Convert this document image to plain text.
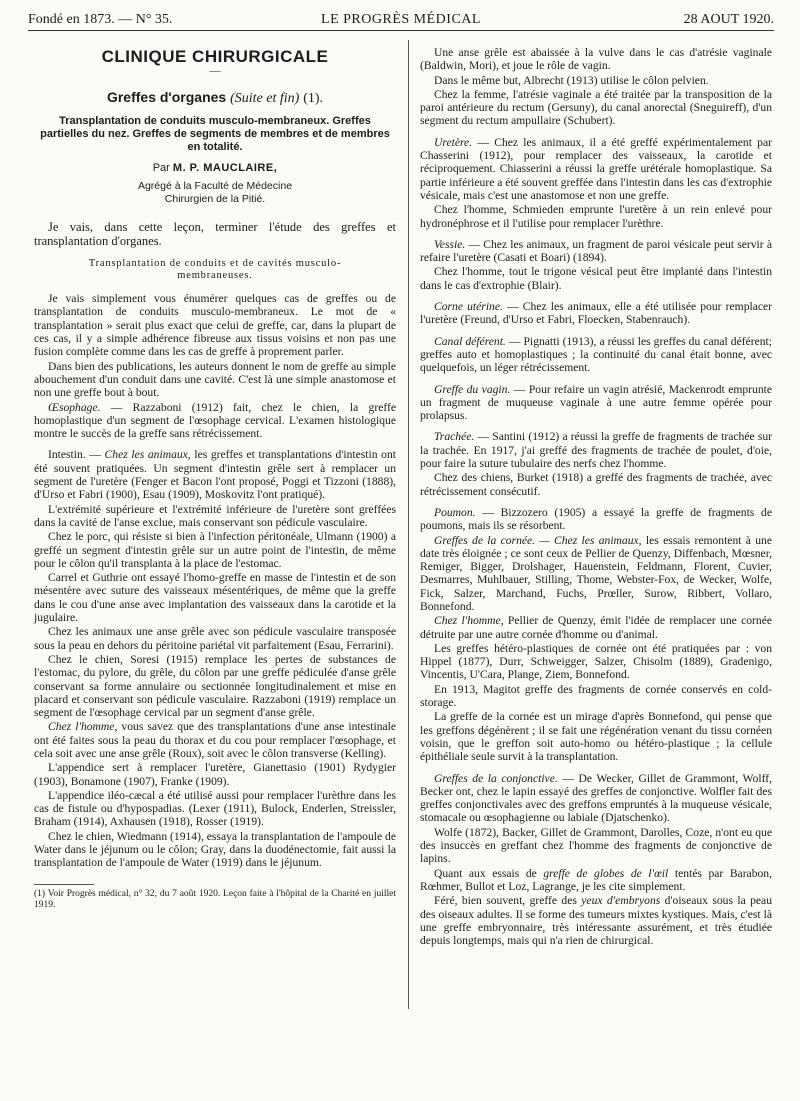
Fondé en 1873. — N° 35.	LE PROGRÈS MÉDICAL	28 AOUT 1920.
CLINIQUE CHIRURGICALE
—
Greffes d'organes (Suite et fin) (1).
Transplantation de conduits musculo-membraneux. Greffes partielles du nez. Greffes de segments de membres et de membres en totalité.
Par M. P. MAUCLAIRE,
Agrégé à la Faculté de Médecine
Chirurgien de la Pitié.

Je vais, dans cette leçon, terminer l'étude des greffes et transplantation d'organes.

Transplantation de conduits et de cavités musculo-
membraneuses.

Je vais simplement vous énumérer quelques cas de greffes ou de transplantation de conduits musculo-membraneux. Le mot de « transplantation » serait plus exact que celui de greffe, car, dans la plupart de ces cas, il y a simple adhérence fibreuse aux tissus voisins et non pas une fusion complète comme dans les cas de greffe à proprement parler.

Dans bien des publications, les auteurs donnent le nom de greffe au simple abouchement d'un conduit dans une cavité. C'est là une simple anastomose et non une greffe bout à bout.

Œsophage. — Razzaboni (1912) fait, chez le chien, la greffe homoplastique d'un segment de l'œsophage cervical. L'examen histologique montre le succès de la greffe sans rétrécissement.

Intestin. — Chez les animaux, les greffes et transplantations d'intestin ont été souvent pratiquées. Un segment d'intestin grêle sert à remplacer un segment de l'uretère (Fenger et Bacon l'ont proposé, Poggi et Tizzoni (1888), d'Urso et Fabri (1900), Esau (1909), Moskovitz l'ont pratiqué).

L'extrémité supérieure et l'extrémité inférieure de l'uretère sont greffées dans la cavité de l'anse exclue, mais conservant son pédicule vasculaire.

Chez le porc, qui résiste si bien à l'infection péritonéale, Ulmann (1900) a greffé un segment d'intestin grêle sur un autre point de l'intestin, de même pour le côlon qu'il transplanta à la place de l'estomac.

Carrel et Guthrie ont essayé l'homo-greffe en masse de l'intestin et de son mésentère avec suture des vaisseaux mésentériques, de même que la greffe dans le cou d'une anse avec implantation des vaisseaux dans la carotide et la jugulaire.

Chez les animaux une anse grêle avec son pédicule vasculaire transposée sous la peau en dehors du péritoine pariétal vit parfaitement (Esau, Ferrarini).

Chez le chien, Soresi (1915) remplace les pertes de substances de l'estomac, du pylore, du grêle, du côlon par une greffe pédiculée d'anse grêle conservant sa forme annulaire ou sectionnée longitudinalement et mise en placard et conservant son pédicule vasculaire. Razzaboni (1919) remplace un segment de l'œsophage cervical par un segment d'anse grêle.

Chez l'homme, vous savez que des transplantations d'une anse intestinale ont été faites sous la peau du thorax et du cou pour remplacer l'œsophage, et cela soit avec une anse grêle (Roux), soit avec le côlon transverse (Kelling).

L'appendice sert à remplacer l'uretère, Gianettasio (1901) Rydygier (1903), Bonamone (1907), Franke (1909).

L'appendice iléo-cæcal a été utilisé aussi pour remplacer l'urèthre dans les cas de fistule ou d'hypospadias. (Lexer (1911), Bulock, Enderlen, Streissler, Braham (1914), Axhausen (1918), Rosser (1919).

Chez le chien, Wiedmann (1914), essaya la transplantation de l'ampoule de Water dans le jéjunum ou le côlon; Gray, dans la duodénectomie, fait aussi la transplantation de l'ampoule de Water (1919) dans le jéjunum.

(1) Voir Progrès médical, n° 32, du 7 août 1920. Leçon faite à l'hôpital de la Charité en juillet 1919.

Une anse grêle est abaissée à la vulve dans le cas d'atrésie vaginale (Baldwin, Mori), et joue le rôle de vagin.

Dans le même but, Albrecht (1913) utilise le côlon pelvien.

Chez la femme, l'atrésie vaginale a été traitée par la transposition de la paroi antérieure du rectum (Gersuny), du canal anorectal (Sneguireff), d'un segment du rectum ampullaire (Schubert).

Uretère. — Chez les animaux, il a été greffé expérimentalement par Chasserini (1912), pour remplacer des vaisseaux, la carotide et réciproquement. Chiasserini a réussi la greffe urétérale homoplastique. Sa partie inférieure a été souvent greffée dans l'intestin dans les cas d'extrophie vésicale, mais c'est une anastomose et non une greffe.

Chez l'homme, Schmieden emprunte l'uretère à un rein enlevé pour hydronéphrose et il l'utilise pour remplacer l'urèthre.

Vessie. — Chez les animaux, un fragment de paroi vésicale peut servir à refaire l'uretère (Casati et Boari) (1894).

Chez l'homme, tout le trigone vésical peut être implanté dans l'intestin dans le cas d'extrophie (Blair).

Corne utérine. — Chez les animaux, elle a été utilisée pour remplacer l'uretère (Freund, d'Urso et Fabri, Floecken, Stabenrauch).

Canal déférent. — Pignatti (1913), a réussi les greffes du canal déférent; greffes auto et homoplastiques ; la continuité du canal était bonne, avec quelquefois, un léger rétrécissement.

Greffe du vagin. — Pour refaire un vagin atrésié, Mackenrodt emprunte un fragment de muqueuse vaginale à une autre femme opérée pour prolapsus.

Trachée. — Santini (1912) a réussi la greffe de fragments de trachée sur la trachée. En 1917, j'ai greffé des fragments de trachée de poulet, d'oie, pour faire la suture tubulaire des nerfs chez l'homme.

Chez des chiens, Burket (1918) a greffé des fragments de trachée, avec rétrécissement consécutif.

Poumon. — Bizzozero (1905) a essayé la greffe de fragments de poumons, mais ils se résorbent.

Greffes de la cornée. — Chez les animaux, les essais remontent à une date très éloignée ; ce sont ceux de Pellier de Quenzy, Diffenbach, Mœsner, Remiger, Bigger, Drolshager, Hauenstein, Feldmann, Florent, Cuvier, Desmarres, Muhlbauer, Stilling, Thome, Webster-Fox, de Wecker, Wolfe, Fick, Salzer, Marchand, Fuchs, Prœller, Surow, Ribbert, Vollaro, Bonnefond.

Chez l'homme, Pellier de Quenzy, émit l'idée de remplacer une cornée détruite par une autre cornée d'homme ou d'animal.

Les greffes hétéro-plastiques de cornée ont été pratiquées par : von Hippel (1877), Durr, Schweigger, Salzer, Chisolm (1889), Gradenigo, Vincentis, U'Cara, Plange, Ziem, Bonnefond.

En 1913, Magitot greffe des fragments de cornée conservés en cold-storage.

La greffe de la cornée est un mirage d'après Bonnefond, qui pense que les greffons dégénèrent ; il se fait une régénération venant du tissu cornéen voisin, que le greffon soit auto-homo ou hétéro-plastique ; la cellule épithéliale seule survit à la transplantation.

Greffes de la conjonctive. — De Wecker, Gillet de Grammont, Wolff, Becker ont, chez le lapin essayé des greffes de conjonctive. Wolfler fait des greffes conjonctivales avec des greffons empruntés à la muqueuse vésicale, stomacale ou œsophagienne ou labiale (Djatschenko).

Wolfe (1872), Backer, Gillet de Grammont, Darolles, Coze, n'ont eu que des insuccès en greffant chez l'homme des fragments de conjonctive de lapins.

Quant aux essais de greffe de globes de l'œil tentés par Barabon, Rœhmer, Bullot et Loz, Lagrange, je les cite simplement.

Féré, bien souvent, greffe des yeux d'embryons d'oiseaux sous la peau des oiseaux adultes. Il se forme des tumeurs mixtes kystiques. Mais, c'est là une greffe embryonnaire, très intéressante assurément, et très étudiée depuis longtemps, mais qui n'a rien de chirurgical.
